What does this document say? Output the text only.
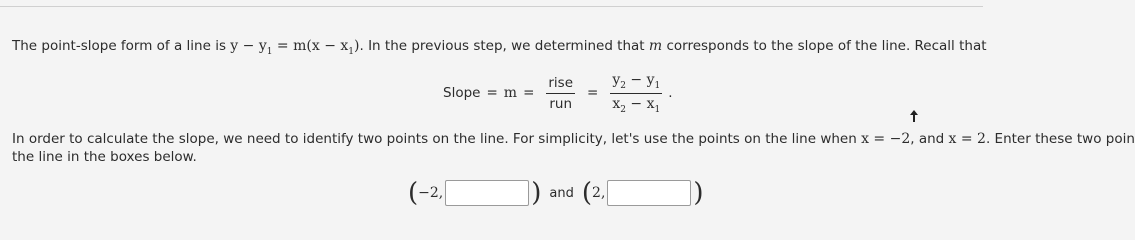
The point-slope form of a line is $y - y_1 = m(x - x_1)$. In the previous step, we determined that m corresponds to the slope of the line. Recall that
Slope = $m = \frac{\text{rise}}{\text{run}} = \frac{y_2 - y_1}{x_2 - x_1}$ .
In order to calculate the slope, we need to identify two points on the line. For simplicity, let's use the points on the line when x = −2, and x = 2. Enter these two poin
the line in the boxes below.
( −2,	) and ( 2,	)
